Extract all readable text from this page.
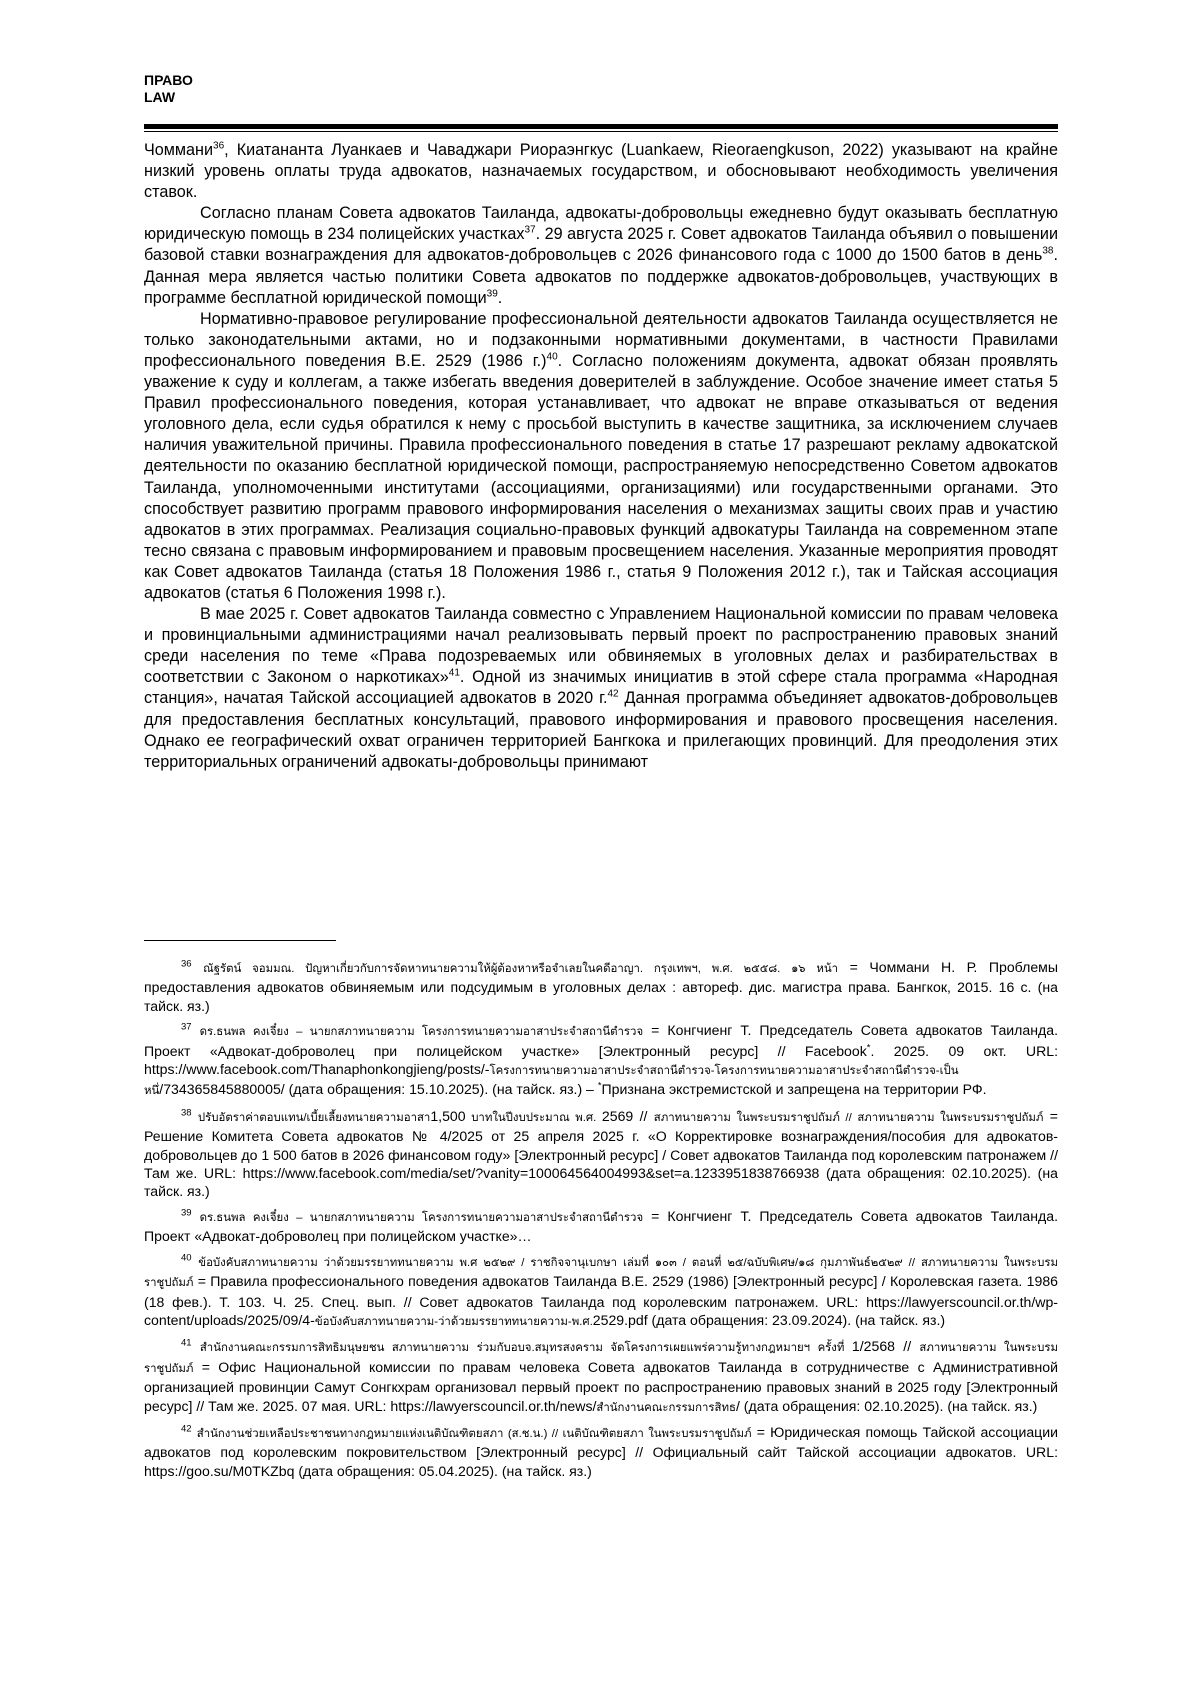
ПРАВО
LAW

Чоммани$^{36}$, Киатананта Луанкаев и Чаваджари Риораэнгкус (Luankaew, Rieoraengkuson, 2022) указывают на крайне низкий уровень оплаты труда адвокатов, назначаемых государством, и обосновывают необходимость увеличения ставок.

Согласно планам Совета адвокатов Таиланда, адвокаты-добровольцы ежедневно будут оказывать бесплатную юридическую помощь в 234 полицейских участках$^{37}$. 29 августа 2025 г. Совет адвокатов Таиланда объявил о повышении базовой ставки вознаграждения для адвокатов-добровольцев с 2026 финансового года с 1000 до 1500 батов в день$^{38}$. Данная мера является частью политики Совета адвокатов по поддержке адвокатов-добровольцев, участвующих в программе бесплатной юридической помощи$^{39}$.

Нормативно-правовое регулирование профессиональной деятельности адвокатов Таиланда осуществляется не только законодательными актами, но и подзаконными нормативными документами, в частности Правилами профессионального поведения B.E. 2529 (1986 г.)$^{40}$. Согласно положениям документа, адвокат обязан проявлять уважение к суду и коллегам, а также избегать введения доверителей в заблуждение. Особое значение имеет статья 5 Правил профессионального поведения, которая устанавливает, что адвокат не вправе отказываться от ведения уголовного дела, если судья обратился к нему с просьбой выступить в качестве защитника, за исключением случаев наличия уважительной причины. Правила профессионального поведения в статье 17 разрешают рекламу адвокатской деятельности по оказанию бесплатной юридической помощи, распространяемую непосредственно Советом адвокатов Таиланда, уполномоченными институтами (ассоциациями, организациями) или государственными органами. Это способствует развитию программ правового информирования населения о механизмах защиты своих прав и участию адвокатов в этих программах. Реализация социально-правовых функций адвокатуры Таиланда на современном этапе тесно связана с правовым информированием и правовым просвещением населения. Указанные мероприятия проводят как Совет адвокатов Таиланда (статья 18 Положения 1986 г., статья 9 Положения 2012 г.), так и Тайская ассоциация адвокатов (статья 6 Положения 1998 г.).

В мае 2025 г. Совет адвокатов Таиланда совместно с Управлением Национальной комиссии по правам человека и провинциальными администрациями начал реализовывать первый проект по распространению правовых знаний среди населения по теме «Права подозреваемых или обвиняемых в уголовных делах и разбирательствах в соответствии с Законом о наркотиках»$^{41}$. Одной из значимых инициатив в этой сфере стала программа «Народная станция», начатая Тайской ассоциацией адвокатов в 2020 г.$^{42}$ Данная программа объединяет адвокатов-добровольцев для предоставления бесплатных консультаций, правового информирования и правового просвещения населения. Однако ее географический охват ограничен территорией Бангкока и прилегающих провинций. Для преодоления этих территориальных ограничений адвокаты-добровольцы принимают

$^{36}$ ณัฐรัตน์ จอมมณ. ปัญหาเกี่ยวกับการจัดหาทนายความให้ผู้ต้องหาหรือจำเลยในคดีอาญา. กรุงเทพฯ, พ.ศ. ๒๕๕๘. ๑๖ หน้า = Чоммани Н. Р. Проблемы предоставления адвокатов обвиняемым или подсудимым в уголовных делах : автореф. дис. магистра права. Бангкок, 2015. 16 с. (на тайск. яз.)

$^{37}$ ดร.ธนพล คงเจี๋ยง – นายกสภาทนายความ โครงการทนายความอาสาประจำสถานีตำรวจ = Конгчиенг Т. Председатель Совета адвокатов Таиланда. Проект «Адвокат-доброволец при полицейском участке» [Электронный ресурс] // Facebook*. 2025. 09 окт. URL: https://www.facebook.com/Thanaphonkongjieng/posts/-โครงการทนายความอาสาประจำสถานีตำรวจ-โครงการทนายความอาสาประจำสถานีตำรวจ-เป็นหนึ่/734365845880005/ (дата обращения: 15.10.2025). (на тайск. яз.) – *Признана экстремистской и запрещена на территории РФ.

$^{38}$ ปรับอัตราค่าตอบแทน/เบี้ยเลี้ยงทนายความอาสา1,500 บาทในปีงบประมาณ พ.ศ. 2569 // สภาทนายความ ในพระบรมราชูปถัมภ์ // สภาทนายความ ในพระบรมราชูปถัมภ์ = Решение Комитета Совета адвокатов № 4/2025 от 25 апреля 2025 г. «О Корректировке вознаграждения/пособия для адвокатов-добровольцев до 1 500 батов в 2026 финансовом году» [Электронный ресурс] / Совет адвокатов Таиланда под королевским патронажем // Там же. URL: https://www.facebook.com/media/set/?vanity=100064564004993&set=a.1233951838766938 (дата обращения: 02.10.2025). (на тайск. яз.)

$^{39}$ ดร.ธนพล คงเจี๋ยง – นายกสภาทนายความ โครงการทนายความอาสาประจำสถานีตำรวจ = Конгчиенг Т. Председатель Совета адвокатов Таиланда. Проект «Адвокат-доброволец при полицейском участке»…

$^{40}$ ข้อบังคับสภาทนายความ ว่าด้วยมรรยาททนายความ พ.ศ ๒๕๒๙ / ราชกิจจานุเบกษา เล่มที่ ๑๐๓ / ตอนที่ ๒๕/ฉบับพิเศษ/๑๘ กุมภาพันธ์๒๕๒๙ // สภาทนายความ ในพระบรมราชูปถัมภ์ = Правила профессионального поведения адвокатов Таиланда B.E. 2529 (1986) [Электронный ресурс] / Королевская газета. 1986 (18 фев.). Т. 103. Ч. 25. Спец. вып. // Совет адвокатов Таиланда под королевским патронажем. URL: https://lawyerscouncil.or.th/wp-content/uploads/2025/09/4-ข้อบังคับสภาทนายความ-ว่าด้วยมรรยาททนายความ-พ.ศ.2529.pdf (дата обращения: 23.09.2024). (на тайск. яз.)

$^{41}$ สำนักงานคณะกรรมการสิทธิมนุษยชน สภาทนายความ ร่วมกับอบจ.สมุทรสงคราม จัดโครงการเผยแพร่ความรู้ทางกฎหมายฯ ครั้งที่ 1/2568 // สภาทนายความ ในพระบรมราชูปถัมภ์ = Офис Национальной комиссии по правам человека Совета адвокатов Таиланда в сотрудничестве с Административной организацией провинции Самут Сонгкхрам организовал первый проект по распространению правовых знаний в 2025 году [Электронный ресурс] // Там же. 2025. 07 мая. URL: https://lawyerscouncil.or.th/news/สำนักงานคณะกรรมการสิทธ/ (дата обращения: 02.10.2025). (на тайск. яз.)

$^{42}$ สำนักงานช่วยเหลือประชาชนทางกฎหมายแห่งเนติบัณฑิตยสภา (ส.ช.น.) // เนติบัณฑิตยสภา ในพระบรมราชูปถัมภ์ = Юридическая помощь Тайской ассоциации адвокатов под королевским покровительством [Электронный ресурс] // Официальный сайт Тайской ассоциации адвокатов. URL: https://goo.su/M0TKZbq (дата обращения: 05.04.2025). (на тайск. яз.)
